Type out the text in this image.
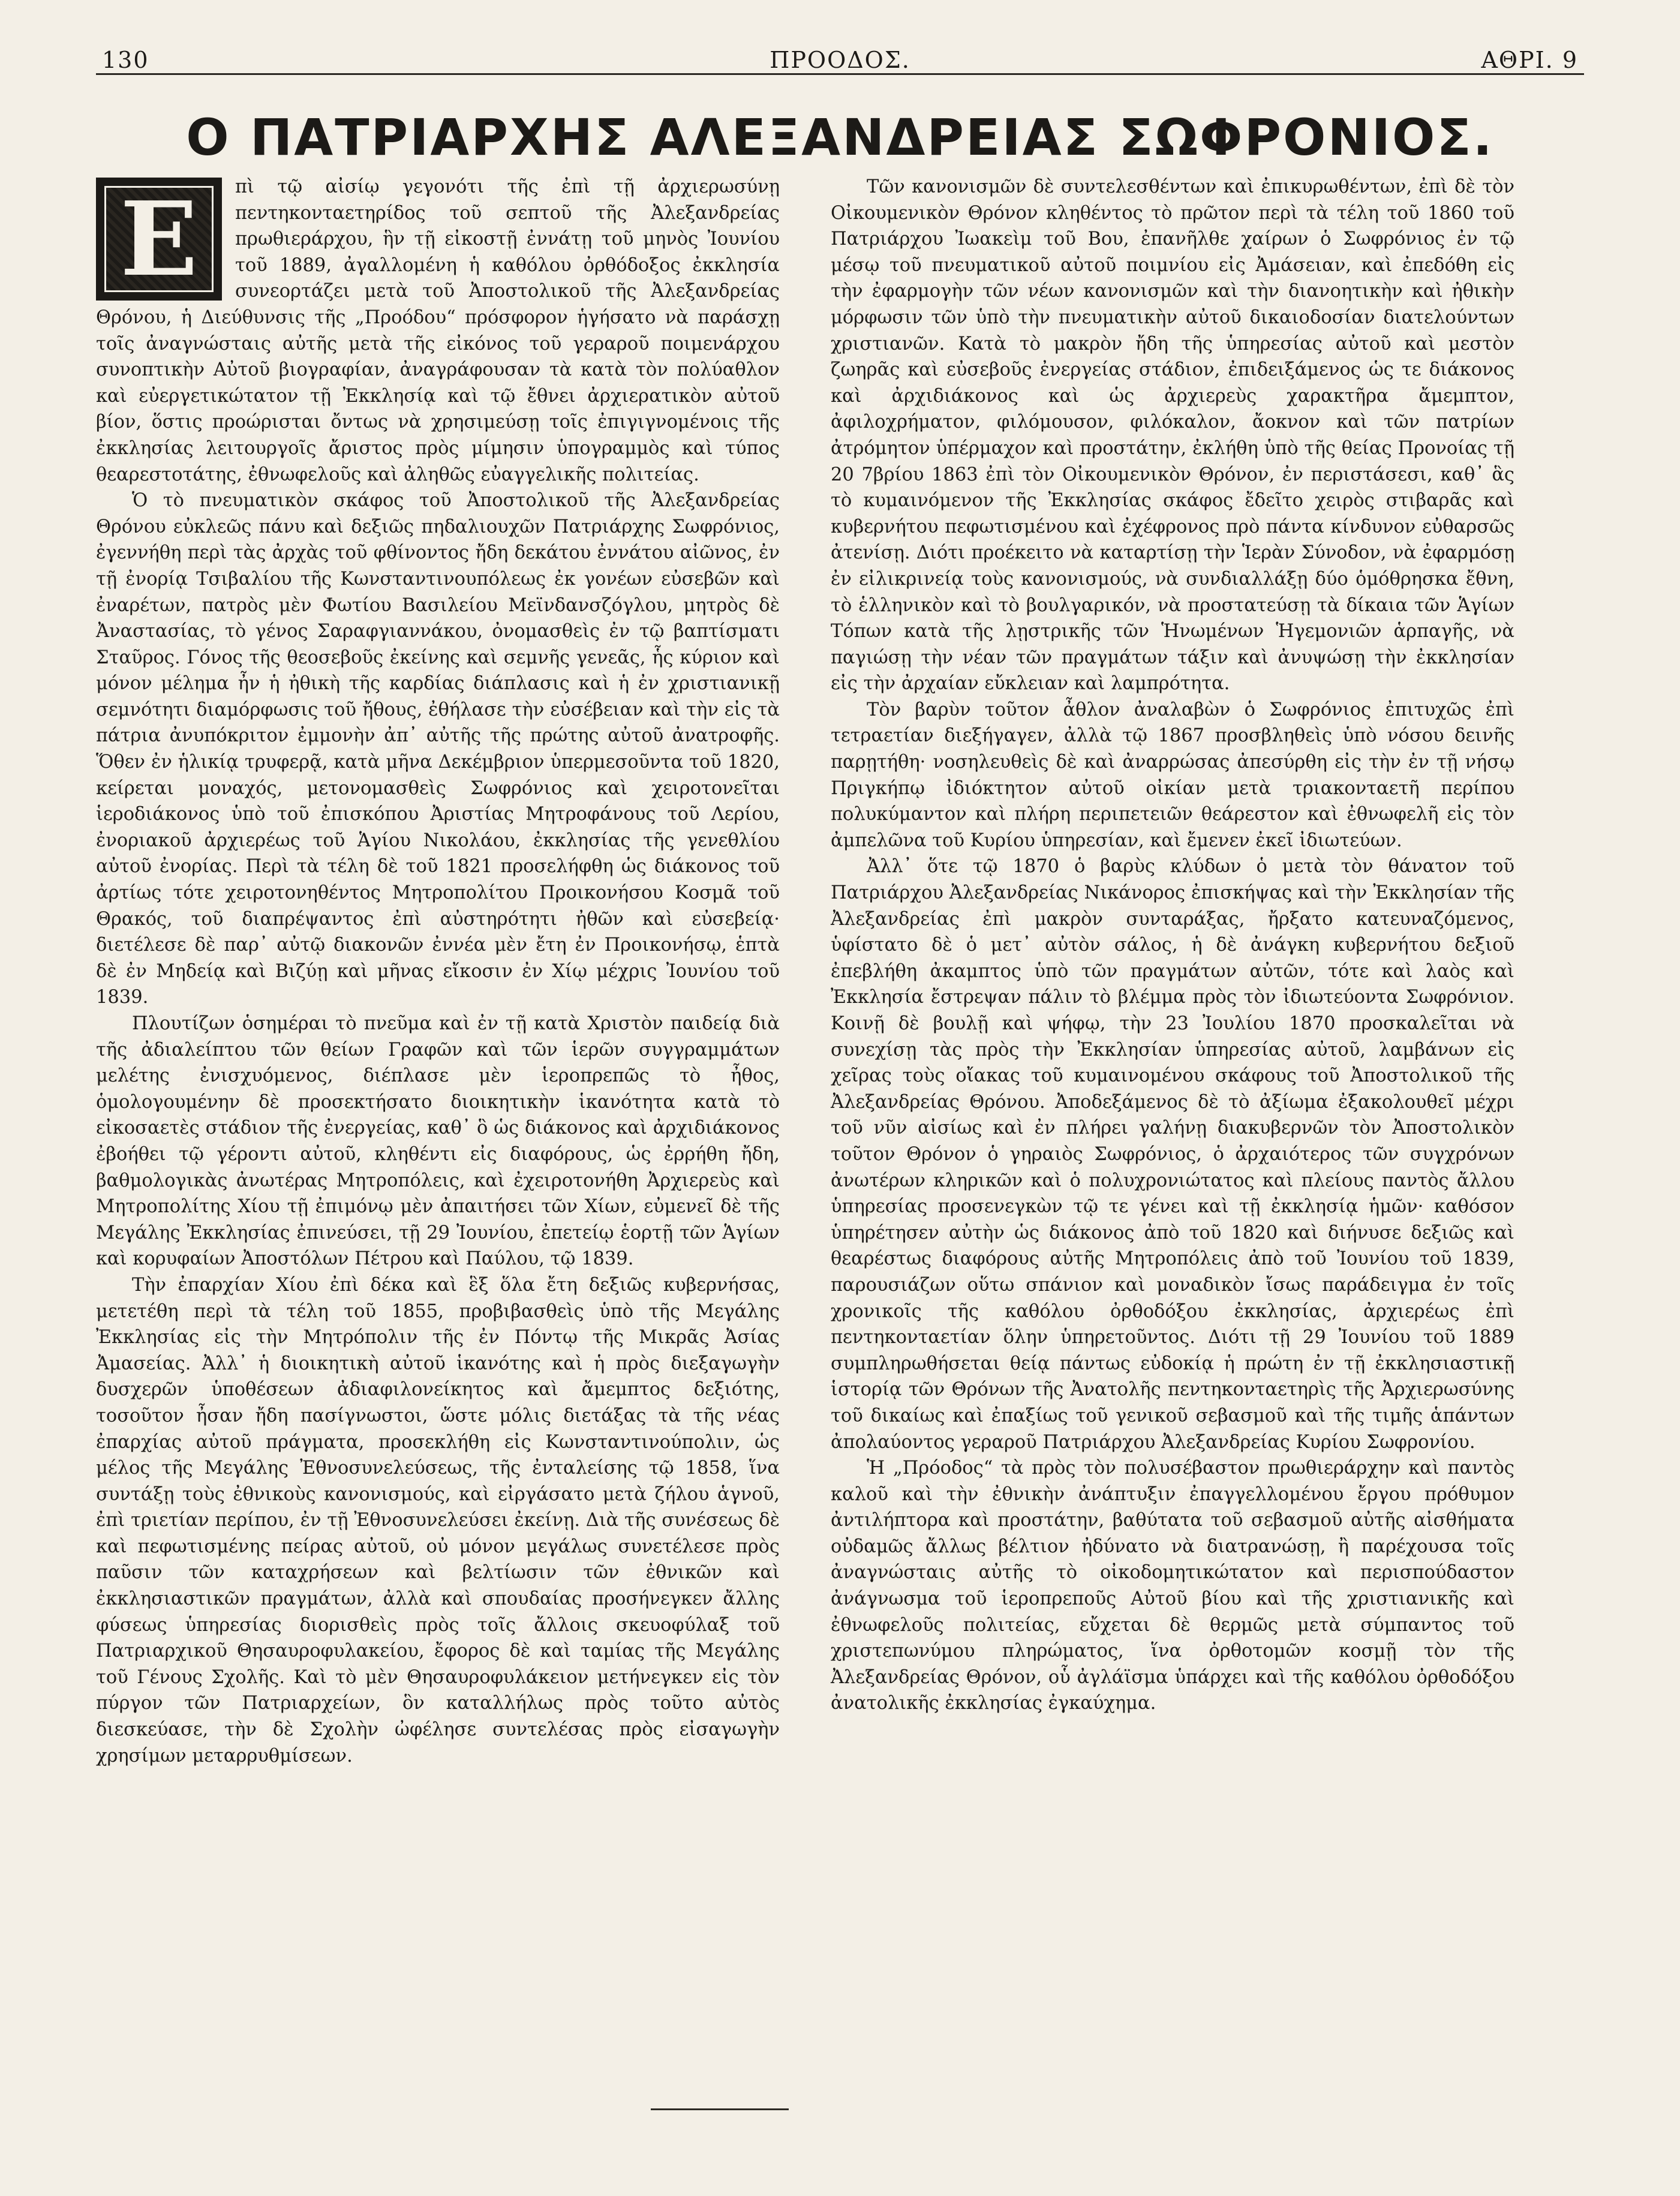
130	ΠΡΟΟΔΟΣ.	ΑΘΡΙ. 9
Ο ΠΑΤΡΙΑΡΧΗΣ ΑΛΕΞΑΝΔΡΕΙΑΣ ΣΩΦΡΟΝΙΟΣ.
Ε	πὶ τῷ αἰσίῳ γεγονότι τῆς ἐπὶ τῇ ἀρχιερωσύνῃ πεντηκονταετηρίδος τοῦ σεπτοῦ τῆς Ἀλεξανδρείας πρωθιεράρχου, ἣν τῇ εἰκοστῇ ἐννάτῃ τοῦ μηνὸς Ἰουνίου τοῦ 1889, ἀγαλλομένη ἡ καθόλου ὀρθόδοξος ἐκκλησία συνεορτάζει μετὰ τοῦ Ἀποστολικοῦ τῆς Ἀλεξανδρείας Θρόνου, ἡ Διεύθυνσις τῆς „Προόδου“ πρόσφορον ἡγήσατο νὰ παράσχῃ τοῖς ἀναγνώσταις αὐτῆς μετὰ τῆς εἰκόνος τοῦ γεραροῦ ποιμενάρχου συνοπτικὴν Αὐτοῦ βιογραφίαν, ἀναγράφουσαν τὰ κατὰ τὸν πολύαθλον καὶ εὐεργετικώτατον τῇ Ἐκκλησίᾳ καὶ τῷ ἔθνει ἀρχιερατικὸν αὐτοῦ βίον, ὅστις προώρισται ὄντως νὰ χρησιμεύσῃ τοῖς ἐπιγιγνομένοις τῆς ἐκκλησίας λειτουργοῖς ἄριστος πρὸς μίμησιν ὑπογραμμὸς καὶ τύπος θεαρεστοτάτης, ἐθνωφελοῦς καὶ ἀληθῶς εὐαγγελικῆς πολιτείας.

Ὁ τὸ πνευματικὸν σκάφος τοῦ Ἀποστολικοῦ τῆς Ἀλεξανδρείας Θρόνου εὐκλεῶς πάνυ καὶ δεξιῶς πηδαλιουχῶν Πατριάρχης Σωφρόνιος, ἐγεννήθη περὶ τὰς ἀρχὰς τοῦ φθίνοντος ἤδη δεκάτου ἐννάτου αἰῶνος, ἐν τῇ ἐνορίᾳ Τσιβαλίου τῆς Κωνσταντινουπόλεως ἐκ γονέων εὐσεβῶν καὶ ἐναρέτων, πατρὸς μὲν Φωτίου Βασιλείου Μεϊνδανσζόγλου, μητρὸς δὲ Ἀναστασίας, τὸ γένος Σαραφγιαννάκου, ὀνομασθεὶς ἐν τῷ βαπτίσματι Σταῦρος. Γόνος τῆς θεοσεβοῦς ἐκείνης καὶ σεμνῆς γενεᾶς, ἧς κύριον καὶ μόνον μέλημα ἦν ἡ ἠθικὴ τῆς καρδίας διάπλασις καὶ ἡ ἐν χριστιανικῇ σεμνότητι διαμόρφωσις τοῦ ἤθους, ἐθήλασε τὴν εὐσέβειαν καὶ τὴν εἰς τὰ πάτρια ἀνυπόκριτον ἐμμονὴν ἀπ᾽ αὐτῆς τῆς πρώτης αὐτοῦ ἀνατροφῆς. Ὅθεν ἐν ἡλικίᾳ τρυφερᾷ, κατὰ μῆνα Δεκέμβριον ὑπερμεσοῦντα τοῦ 1820, κείρεται μοναχός, μετονομασθεὶς Σωφρόνιος καὶ χειροτονεῖται ἱεροδιάκονος ὑπὸ τοῦ ἐπισκόπου Ἀριστίας Μητροφάνους τοῦ Λερίου, ἐνοριακοῦ ἀρχιερέως τοῦ Ἁγίου Νικολάου, ἐκκλησίας τῆς γενεθλίου αὐτοῦ ἐνορίας. Περὶ τὰ τέλη δὲ τοῦ 1821 προσελήφθη ὡς διάκονος τοῦ ἀρτίως τότε χειροτονηθέντος Μητροπολίτου Προικονήσου Κοσμᾶ τοῦ Θρακός, τοῦ διαπρέψαντος ἐπὶ αὐστηρότητι ἠθῶν καὶ εὐσεβείᾳ· διετέλεσε δὲ παρ᾽ αὐτῷ διακονῶν ἐννέα μὲν ἔτη ἐν Προικονήσῳ, ἑπτὰ δὲ ἐν Μηδείᾳ καὶ Βιζύῃ καὶ μῆνας εἴκοσιν ἐν Χίῳ μέχρις Ἰουνίου τοῦ 1839.

Πλουτίζων ὁσημέραι τὸ πνεῦμα καὶ ἐν τῇ κατὰ Χριστὸν παιδείᾳ διὰ τῆς ἀδιαλείπτου τῶν θείων Γραφῶν καὶ τῶν ἱερῶν συγγραμμάτων μελέτης ἐνισχυόμενος, διέπλασε μὲν ἱεροπρεπῶς τὸ ἦθος, ὁμολογουμένην δὲ προσεκτήσατο διοικητικὴν ἱκανότητα κατὰ τὸ εἰκοσαετὲς στάδιον τῆς ἐνεργείας, καθ᾽ ὃ ὡς διάκονος καὶ ἀρχιδιάκονος ἐβοήθει τῷ γέροντι αὐτοῦ, κληθέντι εἰς διαφόρους, ὡς ἐρρήθη ἤδη, βαθμολογικὰς ἀνωτέρας Μητροπόλεις, καὶ ἐχειροτονήθη Ἀρχιερεὺς καὶ Μητροπολίτης Χίου τῇ ἐπιμόνῳ μὲν ἀπαιτήσει τῶν Χίων, εὐμενεῖ δὲ τῆς Μεγάλης Ἐκκλησίας ἐπινεύσει, τῇ 29 Ἰουνίου, ἐπετείῳ ἑορτῇ τῶν Ἁγίων καὶ κορυφαίων Ἀποστόλων Πέτρου καὶ Παύλου, τῷ 1839.

Τὴν ἐπαρχίαν Χίου ἐπὶ δέκα καὶ ἓξ ὅλα ἔτη δεξιῶς κυβερνήσας, μετετέθη περὶ τὰ τέλη τοῦ 1855, προβιβασθεὶς ὑπὸ τῆς Μεγάλης Ἐκκλησίας εἰς τὴν Μητρόπολιν τῆς ἐν Πόντῳ τῆς Μικρᾶς Ἀσίας Ἀμασείας. Ἀλλ᾽ ἡ διοικητικὴ αὐτοῦ ἱκανότης καὶ ἡ πρὸς διεξαγωγὴν δυσχερῶν ὑποθέσεων ἀδιαφιλονείκητος καὶ ἄμεμπτος δεξιότης, τοσοῦτον ἦσαν ἤδη πασίγνωστοι, ὥστε μόλις διετάξας τὰ τῆς νέας ἐπαρχίας αὐτοῦ πράγματα, προσεκλήθη εἰς Κωνσταντινούπολιν, ὡς μέλος τῆς Μεγάλης Ἐθνοσυνελεύσεως, τῆς ἐνταλείσης τῷ 1858, ἵνα συντάξῃ τοὺς ἐθνικοὺς κανονισμούς, καὶ εἰργάσατο μετὰ ζήλου ἁγνοῦ, ἐπὶ τριετίαν περίπου, ἐν τῇ Ἐθνοσυνελεύσει ἐκείνῃ. Διὰ τῆς συνέσεως δὲ καὶ πεφωτισμένης πείρας αὐτοῦ, οὐ μόνον μεγάλως συνετέλεσε πρὸς παῦσιν τῶν καταχρήσεων καὶ βελτίωσιν τῶν ἐθνικῶν καὶ ἐκκλησιαστικῶν πραγμάτων, ἀλλὰ καὶ σπουδαίας προσήνεγκεν ἄλλης φύσεως ὑπηρεσίας διορισθεὶς πρὸς τοῖς ἄλλοις σκευοφύλαξ τοῦ Πατριαρχικοῦ Θησαυροφυλακείου, ἔφορος δὲ καὶ ταμίας τῆς Μεγάλης τοῦ Γένους Σχολῆς. Καὶ τὸ μὲν Θησαυροφυλάκειον μετήνεγκεν εἰς τὸν πύργον τῶν Πατριαρχείων, ὃν καταλλήλως πρὸς τοῦτο αὐτὸς διεσκεύασε, τὴν δὲ Σχολὴν ὠφέλησε συντελέσας πρὸς εἰσαγωγὴν χρησίμων μεταρρυθμίσεων.

Τῶν κανονισμῶν δὲ συντελεσθέντων καὶ ἐπικυρωθέντων, ἐπὶ δὲ τὸν Οἰκουμενικὸν Θρόνον κληθέντος τὸ πρῶτον περὶ τὰ τέλη τοῦ 1860 τοῦ Πατριάρχου Ἰωακεὶμ τοῦ Βου, ἐπανῆλθε χαίρων ὁ Σωφρόνιος ἐν τῷ μέσῳ τοῦ πνευματικοῦ αὐτοῦ ποιμνίου εἰς Ἀμάσειαν, καὶ ἐπεδόθη εἰς τὴν ἐφαρμογὴν τῶν νέων κανονισμῶν καὶ τὴν διανοητικὴν καὶ ἠθικὴν μόρφωσιν τῶν ὑπὸ τὴν πνευματικὴν αὐτοῦ δικαιοδοσίαν διατελούντων χριστιανῶν. Κατὰ τὸ μακρὸν ἤδη τῆς ὑπηρεσίας αὐτοῦ καὶ μεστὸν ζωηρᾶς καὶ εὐσεβοῦς ἐνεργείας στάδιον, ἐπιδειξάμενος ὡς τε διάκονος καὶ ἀρχιδιάκονος καὶ ὡς ἀρχιερεὺς χαρακτῆρα ἄμεμπτον, ἀφιλοχρήματον, φιλόμουσον, φιλόκαλον, ἄοκνον καὶ τῶν πατρίων ἀτρόμητον ὑπέρμαχον καὶ προστάτην, ἐκλήθη ὑπὸ τῆς θείας Προνοίας τῇ 20 7βρίου 1863 ἐπὶ τὸν Οἰκουμενικὸν Θρόνον, ἐν περιστάσεσι, καθ᾽ ἃς τὸ κυμαινόμενον τῆς Ἐκκλησίας σκάφος ἔδεῖτο χειρὸς στιβαρᾶς καὶ κυβερνήτου πεφωτισμένου καὶ ἐχέφρονος πρὸ πάντα κίνδυνον εὐθαρσῶς ἀτενίσῃ. Διότι προέκειτο νὰ καταρτίσῃ τὴν Ἱερὰν Σύνοδον, νὰ ἐφαρμόσῃ ἐν εἰλικρινείᾳ τοὺς κανονισμούς, νὰ συνδιαλλάξῃ δύο ὁμόθρησκα ἔθνη, τὸ ἑλληνικὸν καὶ τὸ βουλγαρικόν, νὰ προστατεύσῃ τὰ δίκαια τῶν Ἁγίων Τόπων κατὰ τῆς λῃστρικῆς τῶν Ἡνωμένων Ἡγεμονιῶν ἁρπαγῆς, νὰ παγιώσῃ τὴν νέαν τῶν πραγμάτων τάξιν καὶ ἀνυψώσῃ τὴν ἐκκλησίαν εἰς τὴν ἀρχαίαν εὔκλειαν καὶ λαμπρότητα.

Τὸν βαρὺν τοῦτον ἆθλον ἀναλαβὼν ὁ Σωφρόνιος ἐπιτυχῶς ἐπὶ τετραετίαν διεξήγαγεν, ἀλλὰ τῷ 1867 προσβληθεὶς ὑπὸ νόσου δεινῆς παρῃτήθη· νοσηλευθεὶς δὲ καὶ ἀναρρώσας ἀπεσύρθη εἰς τὴν ἐν τῇ νήσῳ Πριγκήπῳ ἰδιόκτητον αὐτοῦ οἰκίαν μετὰ τριακονταετῆ περίπου πολυκύμαντον καὶ πλήρη περιπετειῶν θεάρεστον καὶ ἐθνωφελῆ εἰς τὸν ἀμπελῶνα τοῦ Κυρίου ὑπηρεσίαν, καὶ ἔμενεν ἐκεῖ ἰδιωτεύων.

Ἀλλ᾽ ὅτε τῷ 1870 ὁ βαρὺς κλύδων ὁ μετὰ τὸν θάνατον τοῦ Πατριάρχου Ἀλεξανδρείας Νικάνορος ἐπισκήψας καὶ τὴν Ἐκκλησίαν τῆς Ἀλεξανδρείας ἐπὶ μακρὸν συνταράξας, ἤρξατο κατευναζόμενος, ὑφίστατο δὲ ὁ μετ᾽ αὐτὸν σάλος, ἡ δὲ ἀνάγκη κυβερνήτου δεξιοῦ ἐπεβλήθη ἀκαμπτος ὑπὸ τῶν πραγμάτων αὐτῶν, τότε καὶ λαὸς καὶ Ἐκκλησία ἔστρεψαν πάλιν τὸ βλέμμα πρὸς τὸν ἰδιωτεύοντα Σωφρόνιον. Κοινῇ δὲ βουλῇ καὶ ψήφῳ, τὴν 23 Ἰουλίου 1870 προσκαλεῖται νὰ συνεχίσῃ τὰς πρὸς τὴν Ἐκκλησίαν ὑπηρεσίας αὐτοῦ, λαμβάνων εἰς χεῖρας τοὺς οἴακας τοῦ κυμαινομένου σκάφους τοῦ Ἀποστολικοῦ τῆς Ἀλεξανδρείας Θρόνου. Ἀποδεξάμενος δὲ τὸ ἀξίωμα ἐξακολουθεῖ μέχρι τοῦ νῦν αἰσίως καὶ ἐν πλήρει γαλήνῃ διακυβερνῶν τὸν Ἀποστολικὸν τοῦτον Θρόνον ὁ γηραιὸς Σωφρόνιος, ὁ ἀρχαιότερος τῶν συγχρόνων ἀνωτέρων κληρικῶν καὶ ὁ πολυχρονιώτατος καὶ πλείους παντὸς ἄλλου ὑπηρεσίας προσενεγκὼν τῷ τε γένει καὶ τῇ ἐκκλησίᾳ ἡμῶν· καθόσον ὑπηρέτησεν αὐτὴν ὡς διάκονος ἀπὸ τοῦ 1820 καὶ διήνυσε δεξιῶς καὶ θεαρέστως διαφόρους αὐτῆς Μητροπόλεις ἀπὸ τοῦ Ἰουνίου τοῦ 1839, παρουσιάζων οὕτω σπάνιον καὶ μοναδικὸν ἴσως παράδειγμα ἐν τοῖς χρονικοῖς τῆς καθόλου ὀρθοδόξου ἐκκλησίας, ἀρχιερέως ἐπὶ πεντηκονταετίαν ὅλην ὑπηρετοῦντος. Διότι τῇ 29 Ἰουνίου τοῦ 1889 συμπληρωθήσεται θείᾳ πάντως εὐδοκίᾳ ἡ πρώτη ἐν τῇ ἐκκλησιαστικῇ ἱστορίᾳ τῶν Θρόνων τῆς Ἀνατολῆς πεντηκονταετηρὶς τῆς Ἀρχιερωσύνης τοῦ δικαίως καὶ ἐπαξίως τοῦ γενικοῦ σεβασμοῦ καὶ τῆς τιμῆς ἁπάντων ἀπολαύοντος γεραροῦ Πατριάρχου Ἀλεξανδρείας Κυρίου Σωφρονίου.

Ἡ „Πρόοδος“ τὰ πρὸς τὸν πολυσέβαστον πρωθιεράρχην καὶ παντὸς καλοῦ καὶ τὴν ἐθνικὴν ἀνάπτυξιν ἐπαγγελλομένου ἔργου πρόθυμον ἀντιλήπτορα καὶ προστάτην, βαθύτατα τοῦ σεβασμοῦ αὐτῆς αἰσθήματα οὐδαμῶς ἄλλως βέλτιον ἠδύνατο νὰ διατρανώσῃ, ἢ παρέχουσα τοῖς ἀναγνώσταις αὐτῆς τὸ οἰκοδομητικώτατον καὶ περισπούδαστον ἀνάγνωσμα τοῦ ἱεροπρεποῦς Αὐτοῦ βίου καὶ τῆς χριστιανικῆς καὶ ἐθνωφελοῦς πολιτείας, εὔχεται δὲ θερμῶς μετὰ σύμπαντος τοῦ χριστεπωνύμου πληρώματος, ἵνα ὀρθοτομῶν κοσμῇ τὸν τῆς Ἀλεξανδρείας Θρόνον, οὗ ἀγλάϊσμα ὑπάρχει καὶ τῆς καθόλου ὀρθοδόξου ἀνατολικῆς ἐκκλησίας ἐγκαύχημα.
